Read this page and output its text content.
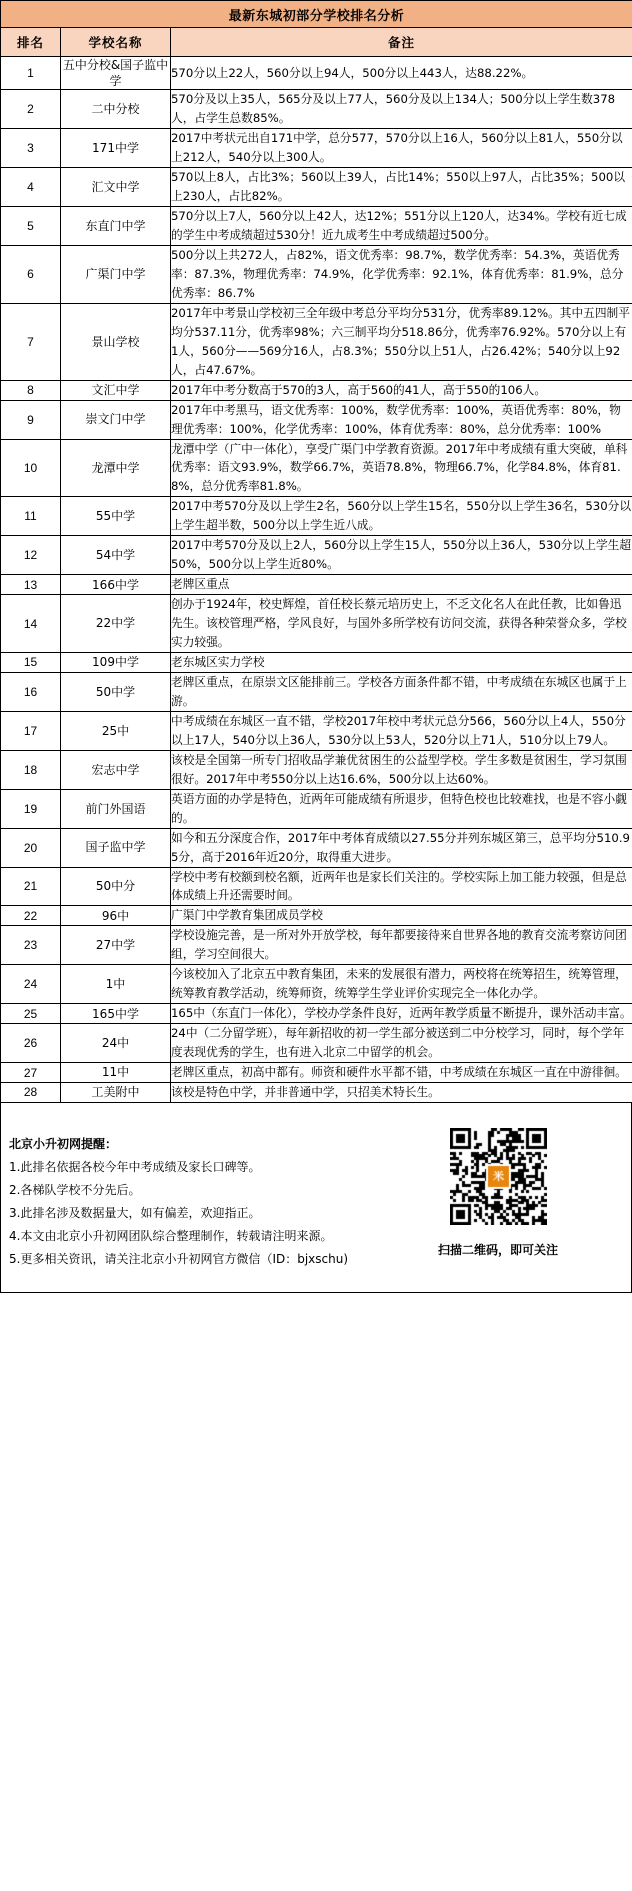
最新东城初部分学校排名分析		
排名	学校名称	备注
1	五中分校&国子监中学	570分以上22人，560分以上94人，500分以上443人，达88.22%。
2	二中分校	570分及以上35人，565分及以上77人，560分及以上134人；500分以上学生数378人，占学生总数85%。
3	171中学	2017中考状元出自171中学，总分577，570分以上16人，560分以上81人，550分以上212人，540分以上300人。
4	汇文中学	570以上8人，占比3%；560以上39人，占比14%；550以上97人，占比35%；500以上230人，占比82%。
5	东直门中学	570分以上7人，560分以上42人，达12%；551分以上120人，达34%。学校有近七成的学生中考成绩超过530分！近九成考生中考成绩超过500分。
6	广渠门中学	500分以上共272人，占82%，语文优秀率：98.7%，数学优秀率：54.3%，英语优秀率：87.3%，物理优秀率：74.9%，化学优秀率：92.1%，体育优秀率：81.9%，总分优秀率：86.7%
7	景山学校	2017年中考景山学校初三全年级中考总分平均分531分，优秀率89.12%。其中五四制平均分537.11分，优秀率98%；六三制平均分518.86分，优秀率76.92%。570分以上有1人，560分——569分16人，占8.3%；550分以上51人，占26.42%；540分以上92人，占47.67%。
8	文汇中学	2017年中考分数高于570的3人，高于560的41人，高于550的106人。
9	崇文门中学	2017年中考黑马，语文优秀率：100%，数学优秀率：100%，英语优秀率：80%，物理优秀率：100%，化学优秀率：100%，体育优秀率：80%，总分优秀率：100%
10	龙潭中学	龙潭中学（广中一体化），享受广渠门中学教育资源。2017年中考成绩有重大突破，单科优秀率：语文93.9%，数学66.7%，英语78.8%，物理66.7%，化学84.8%，体育81.8%，总分优秀率81.8%。
11	55中学	2017中考570分及以上学生2名，560分以上学生15名，550分以上学生36名，530分以上学生超半数，500分以上学生近八成。
12	54中学	2017中考570分及以上2人，560分以上学生15人，550分以上36人，530分以上学生超50%，500分以上学生近80%。
13	166中学	老牌区重点
14	22中学	创办于1924年，校史辉煌，首任校长蔡元培历史上，不乏文化名人在此任教，比如鲁迅先生。该校管理严格，学风良好，与国外多所学校有访问交流，获得各种荣誉众多，学校实力较强。
15	109中学	老东城区实力学校
16	50中学	老牌区重点，在原崇文区能排前三。学校各方面条件都不错，中考成绩在东城区也属于上游。
17	25中	中考成绩在东城区一直不错，学校2017年校中考状元总分566，560分以上4人，550分以上17人，540分以上36人，530分以上53人，520分以上71人，510分以上79人。
18	宏志中学	该校是全国第一所专门招收品学兼优贫困生的公益型学校。学生多数是贫困生，学习氛围很好。2017年中考550分以上达16.6%，500分以上达60%。
19	前门外国语	英语方面的办学是特色，近两年可能成绩有所退步，但特色校也比较难找，也是不容小觑的。
20	国子监中学	如今和五分深度合作，2017年中考体育成绩以27.55分并列东城区第三，总平均分510.95分，高于2016年近20分，取得重大进步。
21	50中分	学校中考有校额到校名额，近两年也是家长们关注的。学校实际上加工能力较强，但是总体成绩上升还需要时间。
22	96中	广渠门中学教育集团成员学校
23	27中学	学校设施完善，是一所对外开放学校，每年都要接待来自世界各地的教育交流考察访问团组，学习空间很大。
24	1中	今该校加入了北京五中教育集团，未来的发展很有潜力，两校将在统筹招生，统筹管理，统筹教育教学活动，统筹师资，统筹学生学业评价实现完全一体化办学。
25	165中学	165中（东直门一体化），学校办学条件良好，近两年教学质量不断提升，课外活动丰富。
26	24中	24中（二分留学班），每年新招收的初一学生部分被送到二中分校学习，同时，每个学年度表现优秀的学生，也有进入北京二中留学的机会。
27	11中	老牌区重点，初高中都有。师资和硬件水平都不错，中考成绩在东城区一直在中游徘徊。
28	工美附中	该校是特色中学，并非普通中学，只招美术特长生。
北京小升初网提醒：
1.此排名依据各校今年中考成绩及家长口碑等。
2.各梯队学校不分先后。
3.此排名涉及数据量大，如有偏差，欢迎指正。
4.本文由北京小升初网团队综合整理制作，转载请注明来源。
5.更多相关资讯，请关注北京小升初网官方微信（ID：bjxschu)
扫描二维码，即可关注
